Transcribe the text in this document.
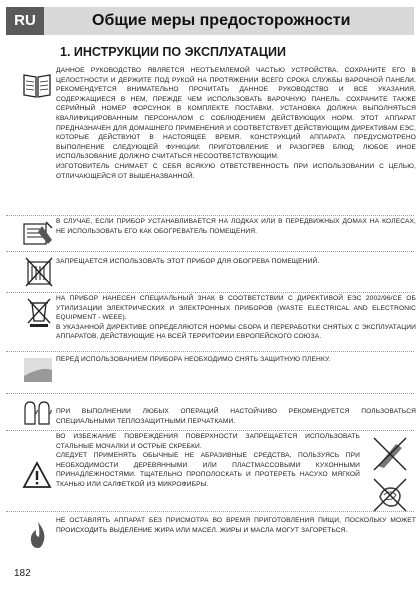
RU	Общие меры предосторожности
1. ИНСТРУКЦИИ ПО ЭКСПЛУАТАЦИИ

ДАННОЕ РУКОВОДСТВО ЯВЛЯЕТСЯ НЕОТЪЕМЛЕМОЙ ЧАСТЬЮ УСТРОЙСТВА. СОХРАНИТЕ ЕГО В ЦЕЛОСТНОСТИ И ДЕРЖИТЕ ПОД РУКОЙ НА ПРОТЯЖЕНИИ ВСЕГО СРОКА СЛУЖБЫ ВАРОЧНОЙ ПАНЕЛИ. РЕКОМЕНДУЕТСЯ ВНИМАТЕЛЬНО ПРОЧИТАТЬ ДАННОЕ РУКОВОДСТВО И ВСЕ УКАЗАНИЯ, СОДЕРЖАЩИЕСЯ В НЕМ, ПРЕЖДЕ ЧЕМ ИСПОЛЬЗОВАТЬ ВАРОЧНУЮ ПАНЕЛЬ. СОХРАНИТЕ ТАКЖЕ СЕРИЙНЫЙ НОМЕР ФОРСУНОК В КОМПЛЕКТЕ ПОСТАВКИ. УСТАНОВКА ДОЛЖНА ВЫПОЛНЯТЬСЯ КВАЛИФИЦИРОВАННЫМ ПЕРСОНАЛОМ С СОБЛЮДЕНИЕМ ДЕЙСТВУЮЩИХ НОРМ. ЭТОТ АППАРАТ ПРЕДНАЗНАЧЕН ДЛЯ ДОМАШНЕГО ПРИМЕНЕНИЯ И СООТВЕТСТВУЕТ ДЕЙСТВУЮЩИМ ДИРЕКТИВАМ ЕЭС, КОТОРЫЕ ДЕЙСТВУЮТ В НАСТОЯЩЕЕ ВРЕМЯ. КОНСТРУКЦИЙ АППАРАТА ПРЕДУСМОТРЕНО ВЫПОЛНЕНИЕ СЛЕДУЮЩЕЙ ФУНКЦИИ: ПРИГОТОВЛЕНИЕ И РАЗОГРЕВ БЛЮД; ЛЮБОЕ ИНОЕ ИСПОЛЬЗОВАНИЕ ДОЛЖНО СЧИТАТЬСЯ НЕСООТВЕТСТВУЮЩИМ.

ИЗГОТОВИТЕЛЬ СНИМАЕТ С СЕБЯ ВСЯКУЮ ОТВЕТСТВЕННОСТЬ ПРИ ИСПОЛЬЗОВАНИИ С ЦЕЛЬЮ, ОТЛИЧАЮЩЕЙСЯ ОТ ВЫШЕНАЗВАННОЙ.

В СЛУЧАЕ, ЕСЛИ ПРИБОР УСТАНАВЛИВАЕТСЯ НА ЛОДКАХ ИЛИ В ПЕРЕДВИЖНЫХ ДОМАХ НА КОЛЕСАХ, НЕ ИСПОЛЬЗОВАТЬ ЕГО КАК ОБОГРЕВАТЕЛЬ ПОМЕЩЕНИЯ.

ЗАПРЕЩАЕТСЯ ИСПОЛЬЗОВАТЬ ЭТОТ ПРИБОР ДЛЯ ОБОГРЕВА ПОМЕЩЕНИЙ.

НА ПРИБОР НАНЕСЕН СПЕЦИАЛЬНЫЙ ЗНАК В СООТВЕТСТВИИ С ДИРЕКТИВОЙ ЕЭС 2002/96/CE ОБ УТИЛИЗАЦИИ ЭЛЕКТРИЧЕСКИХ И ЭЛЕКТРОННЫХ ПРИБОРОВ (WASTE ELECTRICAL AND ELECTRONIC EQUIPMENT - WEEE).

В УКАЗАННОЙ ДИРЕКТИВЕ ОПРЕДЕЛЯЮТСЯ НОРМЫ СБОРА И ПЕРЕРАБОТКИ СНЯТЫХ С ЭКСПЛУАТАЦИИ АППАРАТОВ, ДЕЙСТВУЮЩИЕ НА ВСЕЙ ТЕРРИТОРИИ ЕВРОПЕЙСКОГО СОЮЗА.

ПЕРЕД ИСПОЛЬЗОВАНИЕМ ПРИБОРА НЕОБХОДИМО СНЯТЬ ЗАЩИТНУЮ ПЛЕНКУ.

ПРИ ВЫПОЛНЕНИИ ЛЮБЫХ ОПЕРАЦИЙ НАСТОЙЧИВО РЕКОМЕНДУЕТСЯ ПОЛЬЗОВАТЬСЯ СПЕЦИАЛЬНЫМИ ТЕПЛОЗАЩИТНЫМИ ПЕРЧАТКАМИ.

ВО ИЗБЕЖАНИЕ ПОВРЕЖДЕНИЯ ПОВЕРХНОСТИ ЗАПРЕЩАЕТСЯ ИСПОЛЬЗОВАТЬ СТАЛЬНЫЕ МОЧАЛКИ И ОСТРЫЕ СКРЕБКИ.

СЛЕДУЕТ ПРИМЕНЯТЬ ОБЫЧНЫЕ НЕ АБРАЗИВНЫЕ СРЕДСТВА, ПОЛЬЗУЯСЬ ПРИ НЕОБХОДИМОСТИ ДЕРЕВЯННЫМИ ИЛИ ПЛАСТМАССОВЫМИ КУХОННЫМИ ПРИНАДЛЕЖНОСТЯМИ. ТЩАТЕЛЬНО ПРОПОЛОСКАТЬ И ПРОТЕРЕТЬ НАСУХО МЯГКОЙ ТКАНЬЮ ИЛИ САЛФЕТКОЙ ИЗ МИКРОФИБРЫ.

НЕ ОСТАВЛЯТЬ АППАРАТ БЕЗ ПРИСМОТРА ВО ВРЕМЯ ПРИГОТОВЛЕНИЯ ПИЩИ, ПОСКОЛЬКУ МОЖЕТ ПРОИСХОДИТЬ ВЫДЕЛЕНИЕ ЖИРА ИЛИ МАСЕЛ. ЖИРЫ И МАСЛА МОГУТ ЗАГОРЕТЬСЯ.

182
